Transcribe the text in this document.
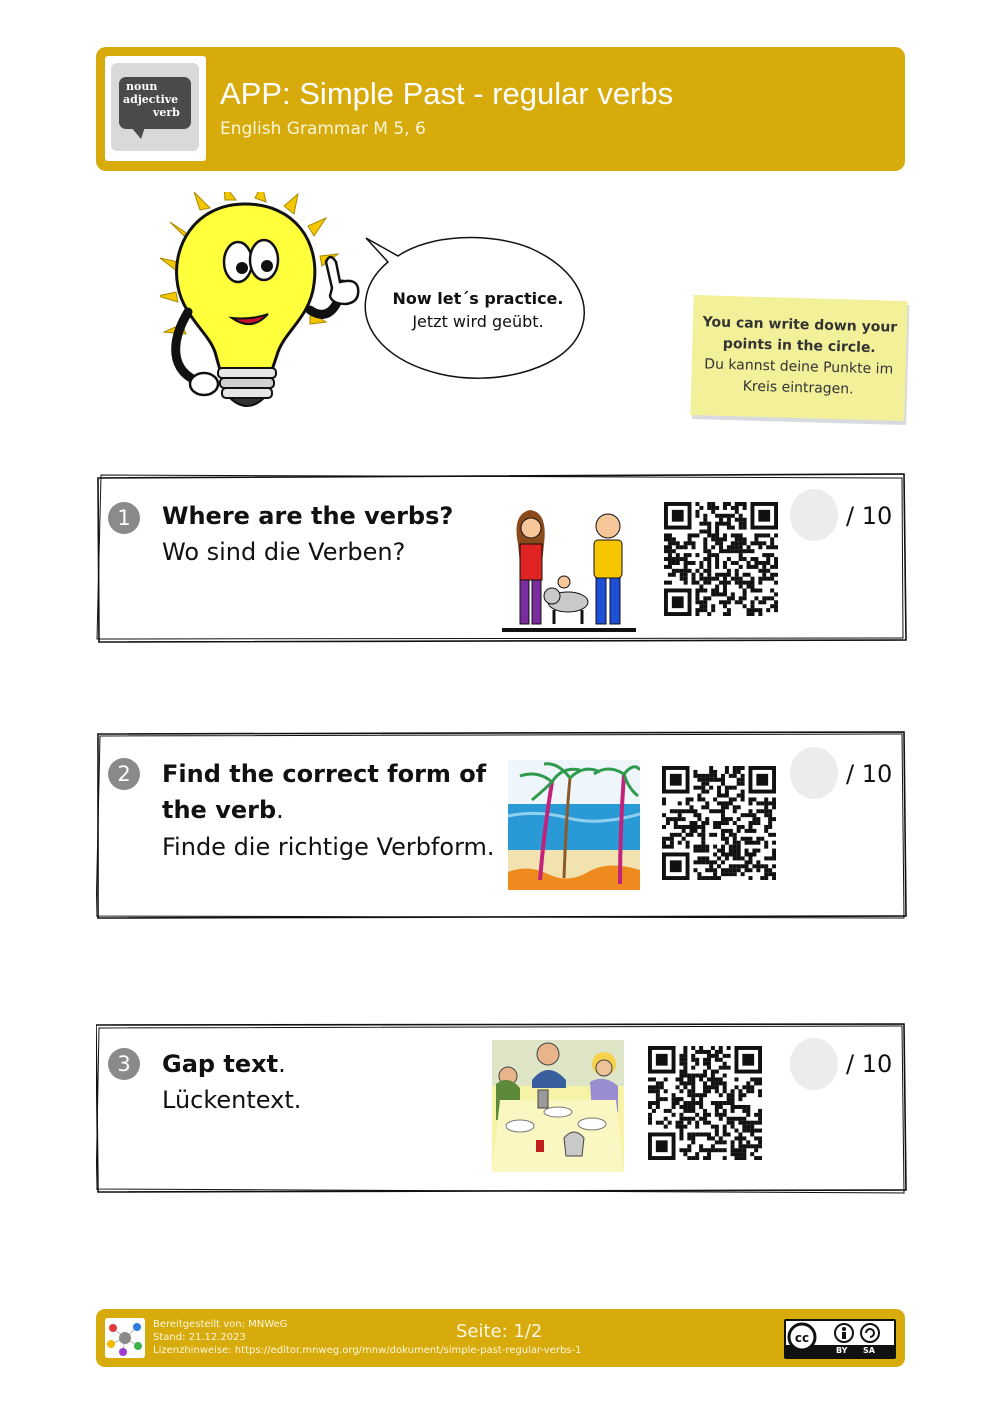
noun
adjective
verb
APP: Simple Past - regular verbs
English Grammar M 5, 6
Now let´s practice.
Jetzt wird geübt.	You can write down your points in the circle.
Du kannst deine Punkte im Kreis eintragen.
1	Where are the verbs?
Wo sind die Verben?
/ 10
2	Find the correct form of the verb.
Finde die richtige Verbform.
/ 10
3	Gap text.
Lückentext.
/ 10
Bereitgestellt von: MNWeG
Stand: 21.12.2023
Lizenzhinweise: https://editor.mnweg.org/mnw/dokument/simple-past-regular-verbs-1
Seite: 1/2	cc
BY SA
